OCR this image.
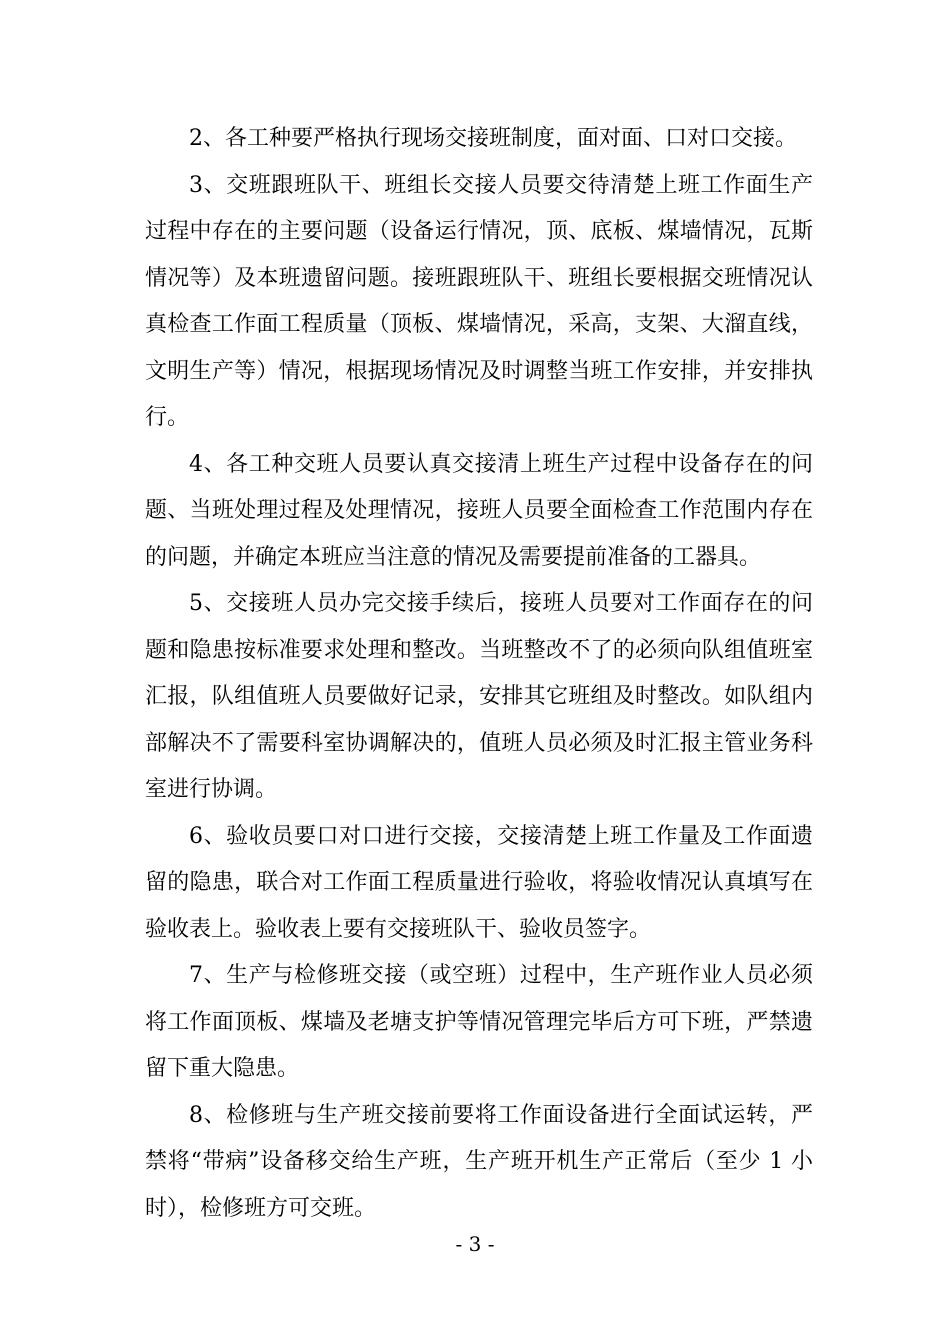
2、各工种要严格执行现场交接班制度，面对面、口对口交接。

3、交班跟班队干、班组长交接人员要交待清楚上班工作面生产过程中存在的主要问题（设备运行情况，顶、底板、煤墙情况，瓦斯情况等）及本班遗留问题。接班跟班队干、班组长要根据交班情况认真检查工作面工程质量（顶板、煤墙情况，采高，支架、大溜直线，文明生产等）情况，根据现场情况及时调整当班工作安排，并安排执行。

4、各工种交班人员要认真交接清上班生产过程中设备存在的问题、当班处理过程及处理情况，接班人员要全面检查工作范围内存在的问题，并确定本班应当注意的情况及需要提前准备的工器具。

5、交接班人员办完交接手续后，接班人员要对工作面存在的问题和隐患按标准要求处理和整改。当班整改不了的必须向队组值班室汇报，队组值班人员要做好记录，安排其它班组及时整改。如队组内部解决不了需要科室协调解决的，值班人员必须及时汇报主管业务科室进行协调。

6、验收员要口对口进行交接，交接清楚上班工作量及工作面遗留的隐患，联合对工作面工程质量进行验收，将验收情况认真填写在验收表上。验收表上要有交接班队干、验收员签字。

7、生产与检修班交接（或空班）过程中，生产班作业人员必须将工作面顶板、煤墙及老塘支护等情况管理完毕后方可下班，严禁遗留下重大隐患。

8、检修班与生产班交接前要将工作面设备进行全面试运转，严禁将“带病”设备移交给生产班，生产班开机生产正常后（至少 1 小时），检修班方可交班。

- 3 -
